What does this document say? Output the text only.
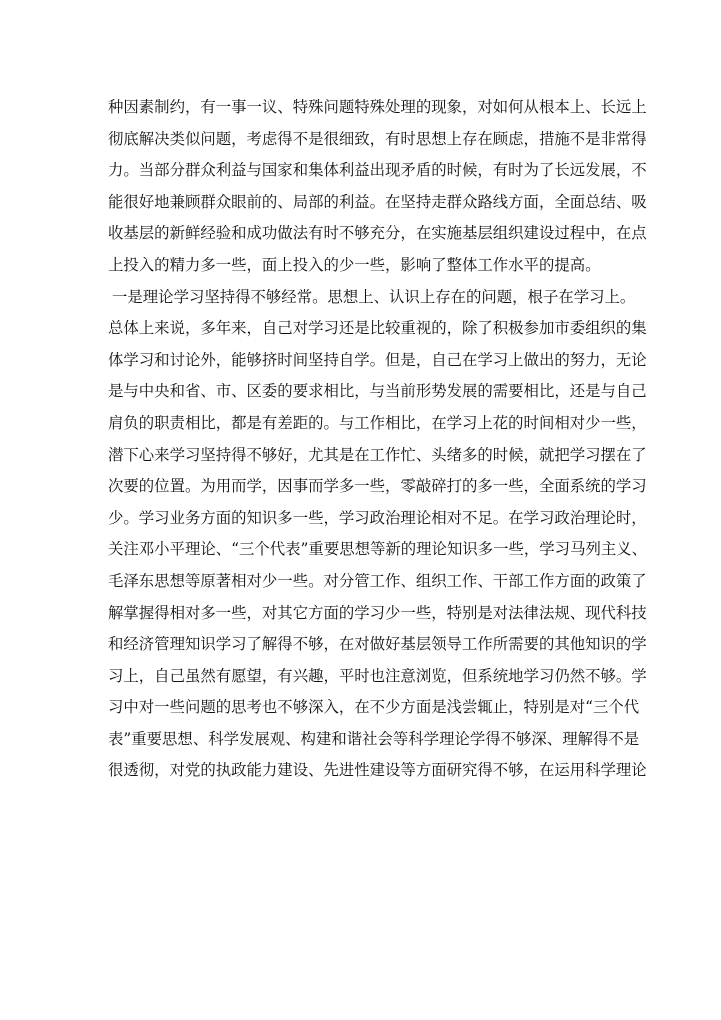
种因素制约，有一事一议、特殊问题特殊处理的现象，对如何从根本上、长远上
彻底解决类似问题，考虑得不是很细致，有时思想上存在顾虑，措施不是非常得
力。当部分群众利益与国家和集体利益出现矛盾的时候，有时为了长远发展，不
能很好地兼顾群众眼前的、局部的利益。在坚持走群众路线方面，全面总结、吸
收基层的新鲜经验和成功做法有时不够充分，在实施基层组织建设过程中，在点
上投入的精力多一些，面上投入的少一些，影响了整体工作水平的提高。
一是理论学习坚持得不够经常。思想上、认识上存在的问题，根子在学习上。
总体上来说，多年来，自己对学习还是比较重视的，除了积极参加市委组织的集
体学习和讨论外，能够挤时间坚持自学。但是，自己在学习上做出的努力，无论
是与中央和省、市、区委的要求相比，与当前形势发展的需要相比，还是与自己
肩负的职责相比，都是有差距的。与工作相比，在学习上花的时间相对少一些，
潜下心来学习坚持得不够好，尤其是在工作忙、头绪多的时候，就把学习摆在了
次要的位置。为用而学，因事而学多一些，零敲碎打的多一些，全面系统的学习
少。学习业务方面的知识多一些，学习政治理论相对不足。在学习政治理论时，
关注邓小平理论、“三个代表”重要思想等新的理论知识多一些，学习马列主义、
毛泽东思想等原著相对少一些。对分管工作、组织工作、干部工作方面的政策了
解掌握得相对多一些，对其它方面的学习少一些，特别是对法律法规、现代科技
和经济管理知识学习了解得不够，在对做好基层领导工作所需要的其他知识的学
习上，自己虽然有愿望，有兴趣，平时也注意浏览，但系统地学习仍然不够。学
习中对一些问题的思考也不够深入，在不少方面是浅尝辄止，特别是对“三个代
表”重要思想、科学发展观、构建和谐社会等科学理论学得不够深、理解得不是
很透彻，对党的执政能力建设、先进性建设等方面研究得不够，在运用科学理论
